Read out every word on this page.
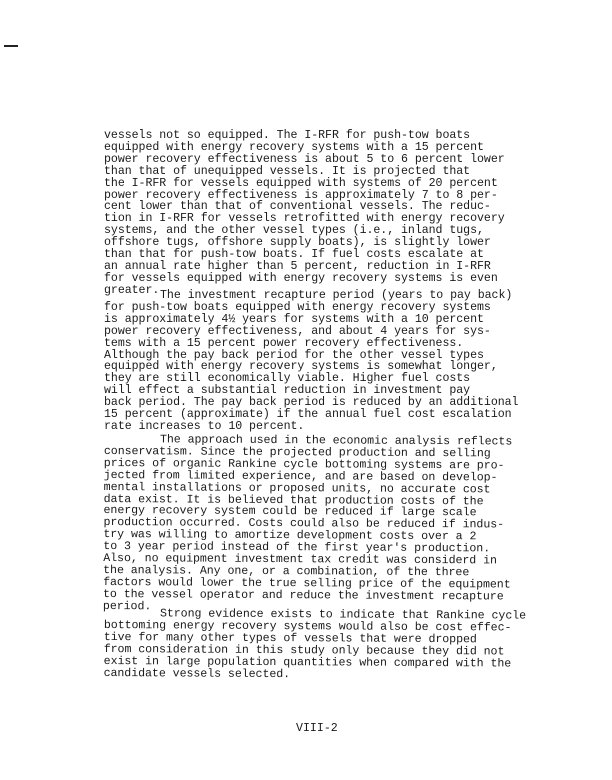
vessels not so equipped. The I-RFR for push-tow boats
equipped with energy recovery systems with a 15 percent
power recovery effectiveness is about 5 to 6 percent lower
than that of unequipped vessels. It is projected that
the I-RFR for vessels equipped with systems of 20 percent
power recovery effectiveness is approximately 7 to 8 per-
cent lower than that of conventional vessels. The reduc-
tion in I-RFR for vessels retrofitted with energy recovery
systems, and the other vessel types (i.e., inland tugs,
offshore tugs, offshore supply boats), is slightly lower
than that for push-tow boats. If fuel costs escalate at
an annual rate higher than 5 percent, reduction in I-RFR
for vessels equipped with energy recovery systems is even
greater. The investment recapture period (years to pay back)
for push-tow boats equipped with energy recovery systems
is approximately 4½ years for systems with a 10 percent
power recovery effectiveness, and about 4 years for sys-
tems with a 15 percent power recovery effectiveness.
Although the pay back period for the other vessel types
equipped with energy recovery systems is somewhat longer,
they are still economically viable. Higher fuel costs
will effect a substantial reduction in investment pay
back period. The pay back period is reduced by an additional
15 percent (approximate) if the annual fuel cost escalation
rate increases to 10 percent.
The approach used in the economic analysis reflects
conservatism. Since the projected production and selling
prices of organic Rankine cycle bottoming systems are pro-
jected from limited experience, and are based on develop-
mental installations or proposed units, no accurate cost
data exist. It is believed that production costs of the
energy recovery system could be reduced if large scale
production occurred. Costs could also be reduced if indus-
try was willing to amortize development costs over a 2
to 3 year period instead of the first year's production.
Also, no equipment investment tax credit was considerd in
the analysis. Any one, or a combination, of the three
factors would lower the true selling price of the equipment
to the vessel operator and reduce the investment recapture
period.
Strong evidence exists to indicate that Rankine cycle
bottoming energy recovery systems would also be cost effec-
tive for many other types of vessels that were dropped
from consideration in this study only because they did not
exist in large population quantities when compared with the
candidate vessels selected.
VIII-2
